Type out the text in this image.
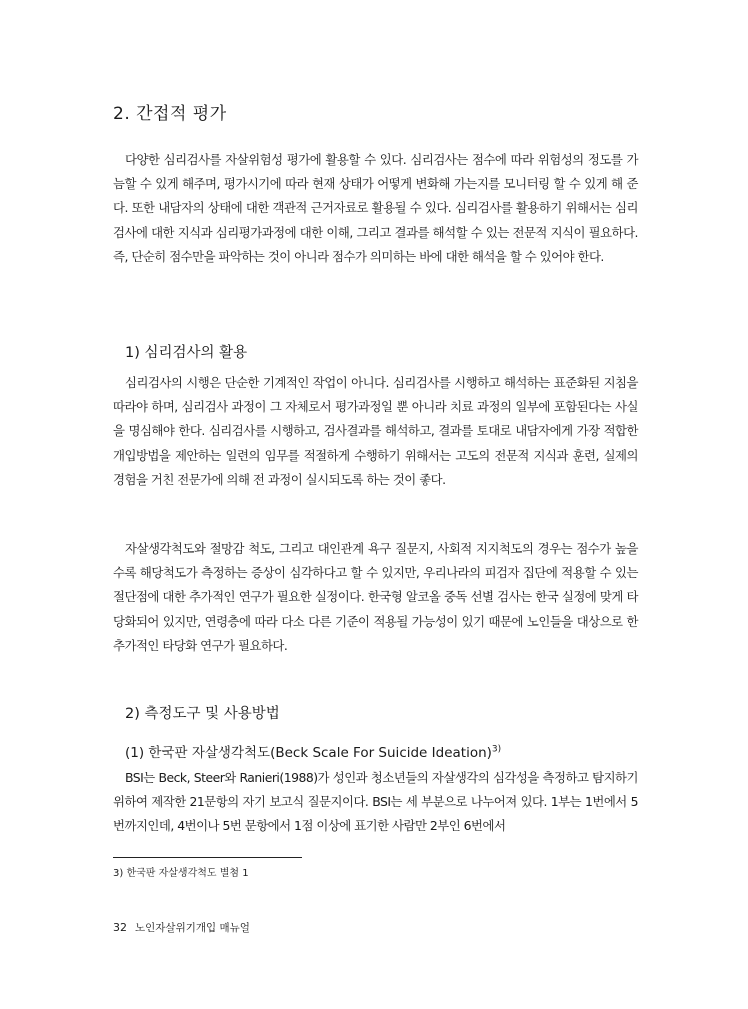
2. 간접적 평가

다양한 심리검사를 자살위험성 평가에 활용할 수 있다. 심리검사는 점수에 따라 위험성의 정도를 가늠할 수 있게 해주며, 평가시기에 따라 현재 상태가 어떻게 변화해 가는지를 모니터링 할 수 있게 해 준다. 또한 내담자의 상태에 대한 객관적 근거자료로 활용될 수 있다. 심리검사를 활용하기 위해서는 심리검사에 대한 지식과 심리평가과정에 대한 이해, 그리고 결과를 해석할 수 있는 전문적 지식이 필요하다. 즉, 단순히 점수만을 파악하는 것이 아니라 점수가 의미하는 바에 대한 해석을 할 수 있어야 한다.

1) 심리검사의 활용

심리검사의 시행은 단순한 기계적인 작업이 아니다. 심리검사를 시행하고 해석하는 표준화된 지침을 따라야 하며, 심리검사 과정이 그 자체로서 평가과정일 뿐 아니라 치료 과정의 일부에 포함된다는 사실을 명심해야 한다. 심리검사를 시행하고, 검사결과를 해석하고, 결과를 토대로 내담자에게 가장 적합한 개입방법을 제안하는 일련의 임무를 적절하게 수행하기 위해서는 고도의 전문적 지식과 훈련, 실제의 경험을 거친 전문가에 의해 전 과정이 실시되도록 하는 것이 좋다.

자살생각척도와 절망감 척도, 그리고 대인관계 욕구 질문지, 사회적 지지척도의 경우는 점수가 높을수록 해당척도가 측정하는 증상이 심각하다고 할 수 있지만, 우리나라의 피검자 집단에 적용할 수 있는 절단점에 대한 추가적인 연구가 필요한 실정이다. 한국형 알코올 중독 선별 검사는 한국 실정에 맞게 타당화되어 있지만, 연령층에 따라 다소 다른 기준이 적용될 가능성이 있기 때문에 노인들을 대상으로 한 추가적인 타당화 연구가 필요하다.

2) 측정도구 및 사용방법
(1) 한국판 자살생각척도(Beck Scale For Suicide Ideation)$^{3)}$

BSI는 Beck, Steer와 Ranieri(1988)가 성인과 청소년들의 자살생각의 심각성을 측정하고 탐지하기 위하여 제작한 21문항의 자기 보고식 질문지이다. BSI는 세 부분으로 나누어져 있다. 1부는 1번에서 5번까지인데, 4번이나 5번 문항에서 1점 이상에 표기한 사람만 2부인 6번에서

3) 한국판 자살생각척도 별첨 1
32 노인자살위기개입 매뉴얼
